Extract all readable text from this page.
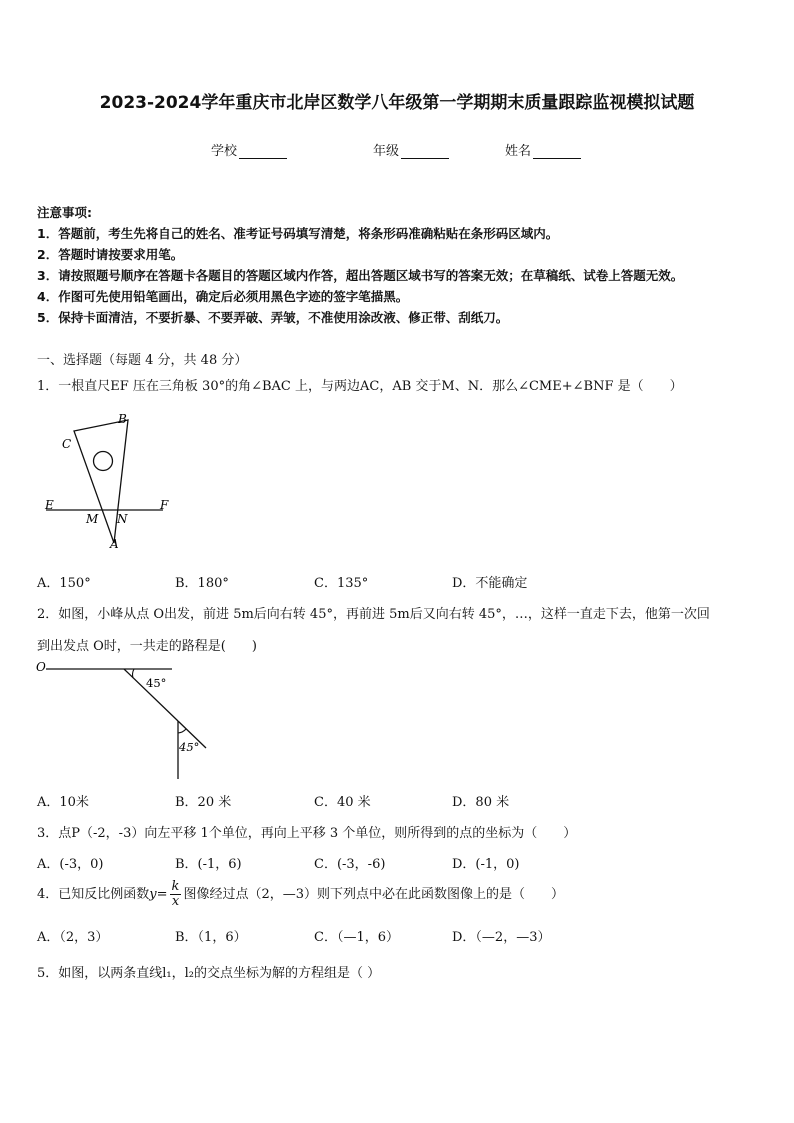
2023-2024学年重庆市北岸区数学八年级第一学期期末质量跟踪监视模拟试题
学校	年级	姓名
注意事项:
1．答题前，考生先将自己的姓名、准考证号码填写清楚，将条形码准确粘贴在条形码区域内。
2．答题时请按要求用笔。
3．请按照题号顺序在答题卡各题目的答题区域内作答，超出答题区域书写的答案无效；在草稿纸、试卷上答题无效。
4．作图可先使用铅笔画出，确定后必须用黑色字迹的签字笔描黑。
5．保持卡面清洁，不要折暴、不要弄破、弄皱，不准使用涂改液、修正带、刮纸刀。
一、选择题（每题 4 分，共 48 分）
1．一根直尺EF 压在三角板 30°的角∠BAC 上，与两边AC，AB 交于M、N．那么∠CME+∠BNF 是（　　）
B
C
E	F
M N
A
A．150°	B．180°	C．135°	D．不能确定
2．如图，小峰从点 O出发，前进 5m后向右转 45°，再前进 5m后又向右转 45°，…，这样一直走下去，他第一次回
到出发点 O时，一共走的路程是(　　)
O
45°
45°
A．10米	B．20 米	C．40 米	D．80 米
3．点P（-2，-3）向左平移 1个单位，再向上平移 3 个单位，则所得到的点的坐标为（　　）
A．(-3，0)	B．(-1，6)	C．(-3，-6)	D．(-1，0)
4．已知反比例函数$y= \frac{k}{x}$ 图像经过点（2，—3）则下列点中必在此函数图像上的是（　　）
A．（2，3）	B．（1，6）	C．（—1，6）	D．（—2，—3）
5．如图，以两条直线l₁，l₂的交点坐标为解的方程组是（ ）
